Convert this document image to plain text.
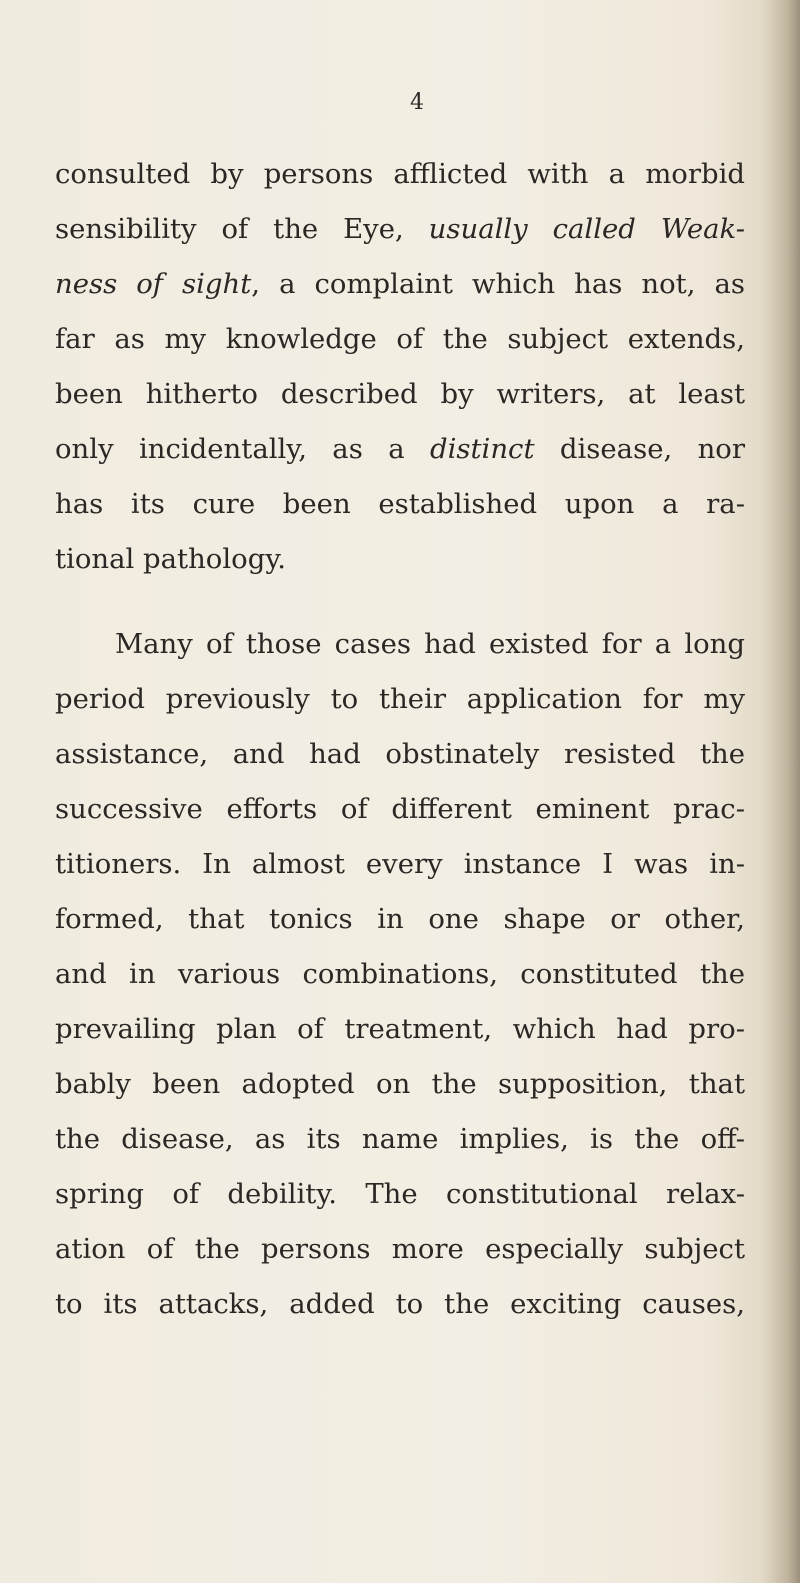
4
consulted by persons afflicted with a morbid
sensibility of the Eye, usually called Weak-
ness of sight, a complaint which has not, as
far as my knowledge of the subject extends,
been hitherto described by writers, at least
only incidentally, as a distinct disease, nor
has its cure been established upon a ra-
tional pathology.
Many of those cases had existed for a long
period previously to their application for my
assistance, and had obstinately resisted the
successive efforts of different eminent prac-
titioners. In almost every instance I was in-
formed, that tonics in one shape or other,
and in various combinations, constituted the
prevailing plan of treatment, which had pro-
bably been adopted on the supposition, that
the disease, as its name implies, is the off-
spring of debility. The constitutional relax-
ation of the persons more especially subject
to its attacks, added to the exciting causes,
